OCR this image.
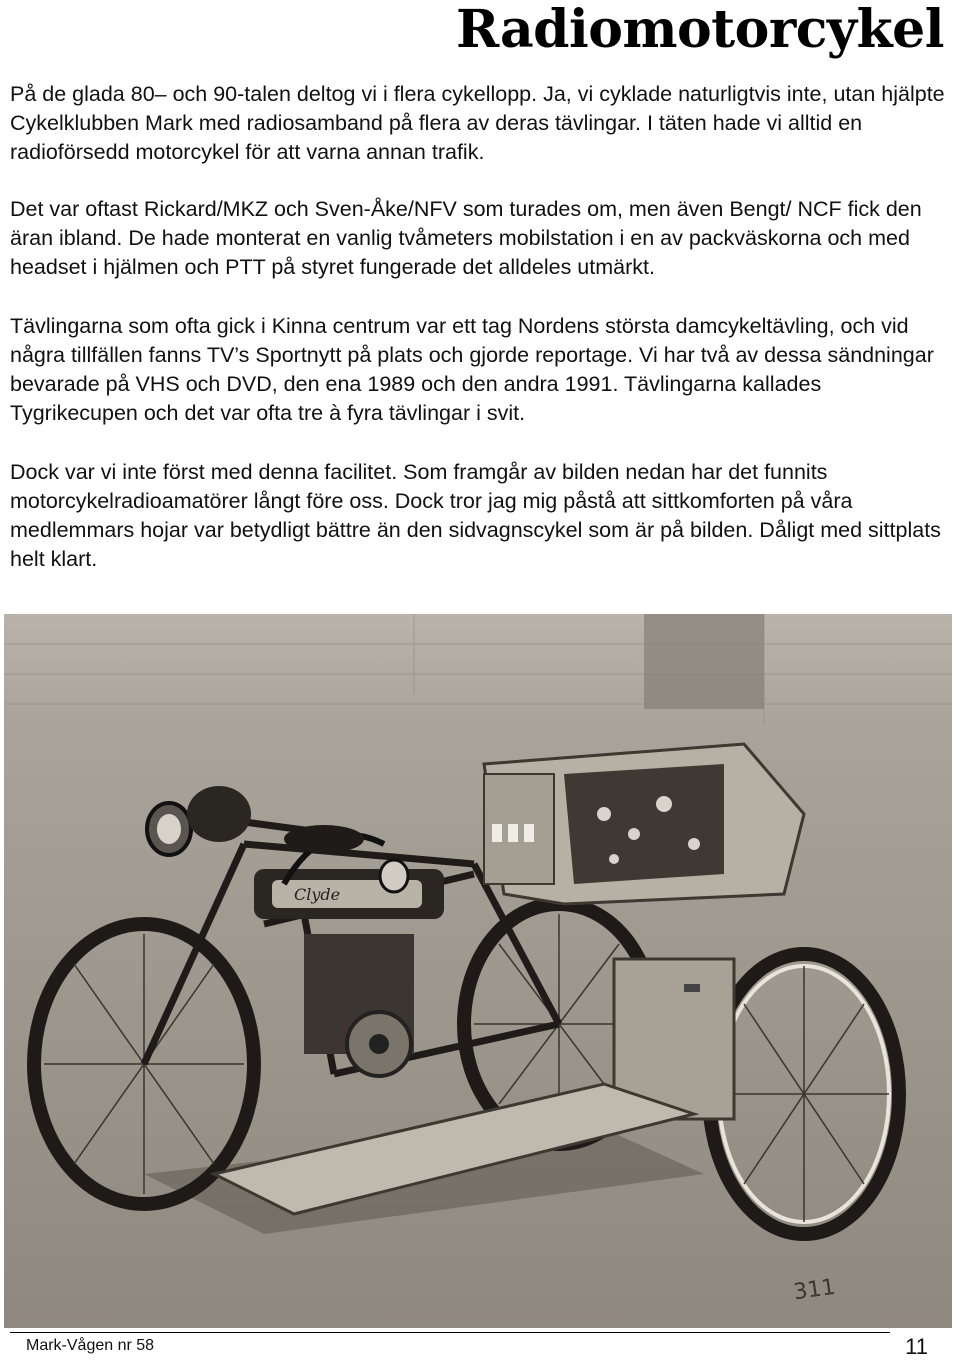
Radiomotorcykel

På de glada 80– och 90-talen deltog vi i flera cykellopp. Ja, vi cyklade naturligtvis inte, utan hjälpte Cykelklubben Mark med radiosamband på flera av deras tävlingar. I täten hade vi alltid en radioförsedd motorcykel för att varna annan trafik.

Det var oftast Rickard/MKZ och Sven-Åke/NFV som turades om, men även Bengt/ NCF fick den äran ibland. De hade monterat en vanlig tvåmeters mobilstation i en av packväskorna och med headset i hjälmen och PTT på styret fungerade det alldeles utmärkt.

Tävlingarna som ofta gick i Kinna centrum var ett tag Nordens största damcykeltävling, och vid några tillfällen fanns TV’s Sportnytt på plats och gjorde reportage. Vi har två av dessa sändningar bevarade på VHS och DVD, den ena 1989 och den andra 1991. Tävlingarna kallades Tygrikecupen och det var ofta tre à fyra tävlingar i svit.

Dock var vi inte först med denna facilitet. Som framgår av bilden nedan har det funnits motorcykelradioamatörer långt före oss. Dock tror jag mig påstå att sittkomforten på våra medlemmars hojar var betydligt bättre än den sidvagnscykel som är på bilden. Dåligt med sittplats helt klart.

Clyde
311
Mark-Vågen nr 58	11
